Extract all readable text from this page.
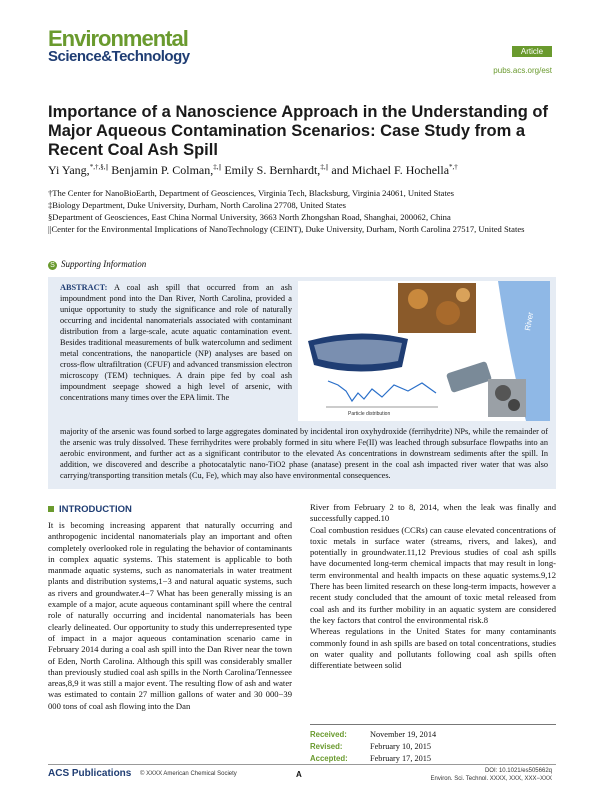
Environmental
Science&Technology	Article
pubs.acs.org/est
Importance of a Nanoscience Approach in the Understanding of Major Aqueous Contamination Scenarios: Case Study from a Recent Coal Ash Spill
Yi Yang,*,†,§,|| Benjamin P. Colman,‡,|| Emily S. Bernhardt,‡,|| and Michael F. Hochella*,†
†The Center for NanoBioEarth, Department of Geosciences, Virginia Tech, Blacksburg, Virginia 24061, United States
‡Biology Department, Duke University, Durham, North Carolina 27708, United States
§Department of Geosciences, East China Normal University, 3663 North Zhongshan Road, Shanghai, 200062, China
||Center for the Environmental Implications of NanoTechnology (CEINT), Duke University, Durham, North Carolina 27517, United States
S Supporting Information
ABSTRACT: A coal ash spill that occurred from an ash impoundment pond into the Dan River, North Carolina, provided a unique opportunity to study the significance and role of naturally occurring and incidental nanomaterials associated with contaminant distribution from a large-scale, acute aquatic contamination event. Besides traditional measurements of bulk watercolumn and sediment metal concentrations, the nanoparticle (NP) analyses are based on cross-flow ultrafiltration (CFUF) and advanced transmission electron microscopy (TEM) techniques. A drain pipe fed by coal ash impoundment seepage showed a high level of arsenic, with concentrations many times over the EPA limit. The
majority of the arsenic was found sorbed to large aggregates dominated by incidental iron oxyhydroxide (ferrihydrite) NPs, while the remainder of the arsenic was truly dissolved. These ferrihydrites were probably formed in situ where Fe(II) was leached through subsurface flowpaths into an aerobic environment, and further act as a significant contributor to the elevated As concentrations in downstream sediments after the spill. In addition, we discovered and describe a photocatalytic nano-TiO2 phase (anatase) present in the coal ash impacted river water that was also carrying/transporting transition metals (Cu, Fe), which may also have environmental consequences.
River
Particle distribution
INTRODUCTION
It is becoming increasing apparent that naturally occurring and anthropogenic incidental nanomaterials play an important and often completely overlooked role in regulating the behavior of contaminants in complex aquatic systems. This statement is applicable to both manmade aquatic systems, such as nanomaterials in water treatment plants and distribution systems,1−3 and natural aquatic systems, such as rivers and groundwater.4−7 What has been generally missing is an example of a major, acute aqueous contaminant spill where the central role of naturally occurring and incidental nanomaterials has been clearly delineated. Our opportunity to study this underrepresented type of impact in a major aqueous contamination scenario came in February 2014 during a coal ash spill into the Dan River near the town of Eden, North Carolina. Although this spill was considerably smaller than previously studied coal ash spills in the North Carolina/Tennessee areas,8,9 it was still a major event. The resulting flow of ash and water was estimated to contain 27 million gallons of water and 30 000−39 000 tons of coal ash flowing into the Dan
River from February 2 to 8, 2014, when the leak was finally and successfully capped.10
Coal combustion residues (CCRs) can cause elevated concentrations of toxic metals in surface water (streams, rivers, and lakes), and potentially in groundwater.11,12 Previous studies of coal ash spills have documented long-term chemical impacts that may result in long-term environmental and health impacts on these aquatic systems.9,12 There has been limited research on these long-term impacts, however a recent study concluded that the amount of toxic metal released from coal ash and its further mobility in an aquatic system are considered the key factors that control the environmental risk.8
Whereas regulations in the United States for many contaminants commonly found in ash spills are based on total concentrations, studies on water quality and pollutants following coal ash spills often differentiate between solid
Received:	November 19, 2014
Revised:	February 10, 2015
Accepted:	February 17, 2015
ACS Publications © XXXX American Chemical Society	A	DOI: 10.1021/es505662q
Environ. Sci. Technol. XXXX, XXX, XXX−XXX
